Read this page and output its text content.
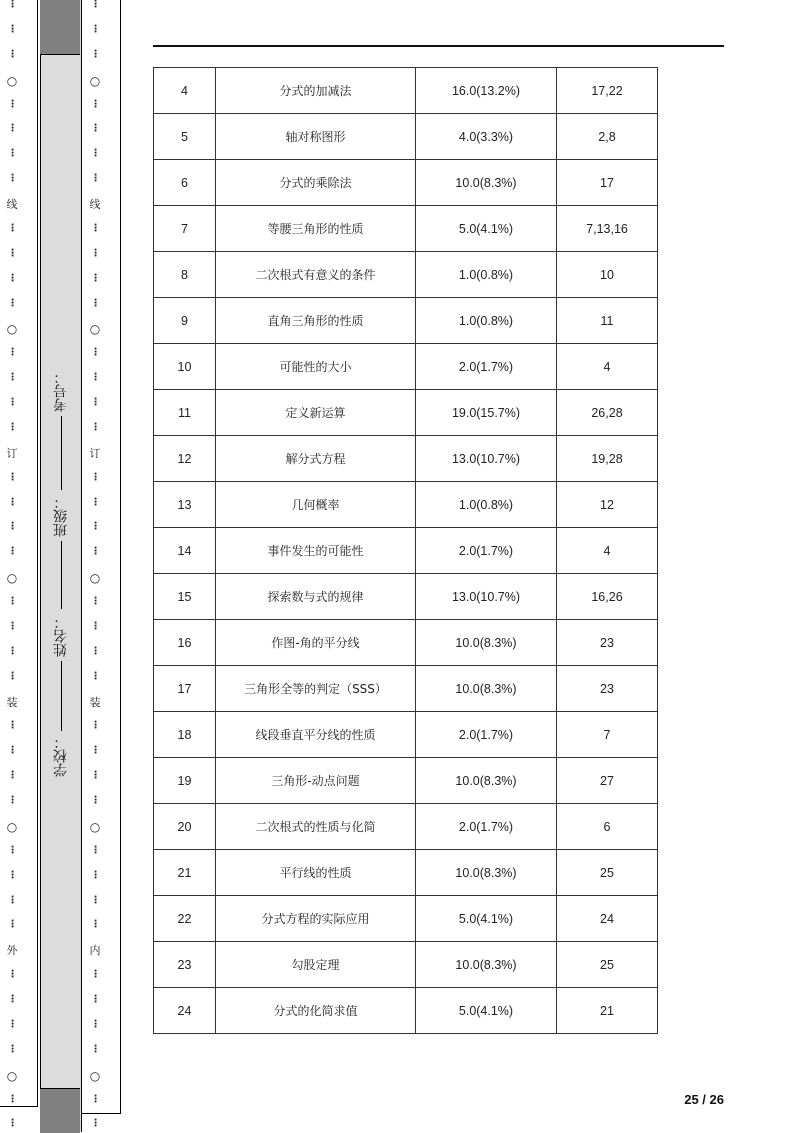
⋮
⋮
⋮
○
⋮
⋮
⋮
⋮
线
⋮
⋮
⋮
⋮
○
⋮
⋮
⋮
⋮
订
⋮
⋮
⋮
⋮
○
⋮
⋮
⋮
⋮
装
⋮
⋮
⋮
⋮
○
⋮
⋮
⋮
⋮
外
⋮
⋮
⋮
⋮
○
⋮
⋮
考号：
班级：
姓名：
学校：
⋮
⋮
⋮
○
⋮
⋮
⋮
⋮
线
⋮
⋮
⋮
⋮
○
⋮
⋮
⋮
⋮
订
⋮
⋮
⋮
⋮
○
⋮
⋮
⋮
⋮
装
⋮
⋮
⋮
⋮
○
⋮
⋮
⋮
⋮
内
⋮
⋮
⋮
⋮
○
⋮
⋮
4	分式的加减法	16.0(13.2%)	17,22
5	轴对称图形	4.0(3.3%)	2,8
6	分式的乘除法	10.0(8.3%)	17
7	等腰三角形的性质	5.0(4.1%)	7,13,16
8	二次根式有意义的条件	1.0(0.8%)	10
9	直角三角形的性质	1.0(0.8%)	11
10	可能性的大小	2.0(1.7%)	4
11	定义新运算	19.0(15.7%)	26,28
12	解分式方程	13.0(10.7%)	19,28
13	几何概率	1.0(0.8%)	12
14	事件发生的可能性	2.0(1.7%)	4
15	探索数与式的规律	13.0(10.7%)	16,26
16	作图-角的平分线	10.0(8.3%)	23
17	三角形全等的判定（SSS）	10.0(8.3%)	23
18	线段垂直平分线的性质	2.0(1.7%)	7
19	三角形-动点问题	10.0(8.3%)	27
20	二次根式的性质与化简	2.0(1.7%)	6
21	平行线的性质	10.0(8.3%)	25
22	分式方程的实际应用	5.0(4.1%)	24
23	勾股定理	10.0(8.3%)	25
24	分式的化简求值	5.0(4.1%)	21
25 / 26
